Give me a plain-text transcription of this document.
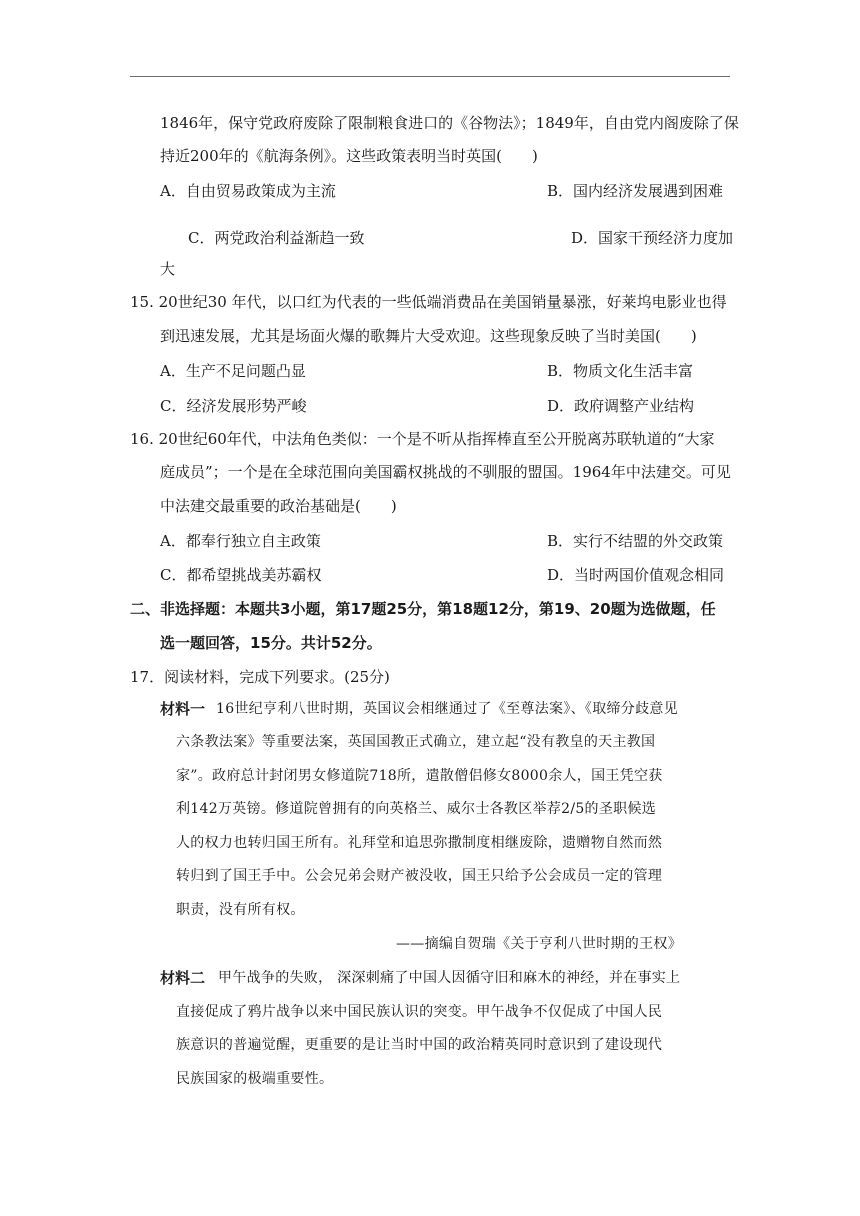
1846年，保守党政府废除了限制粮食进口的《谷物法》；1849年，自由党内阁废除了保
持近200年的《航海条例》。这些政策表明当时英国(　　)
A．自由贸易政策成为主流	B．国内经济发展遇到困难
C．两党政治利益渐趋一致	D．国家干预经济力度加
大
15. 20世纪30 年代，以口红为代表的一些低端消费品在美国销量暴涨，好莱坞电影业也得
到迅速发展，尤其是场面火爆的歌舞片大受欢迎。这些现象反映了当时美国(　　)
A．生产不足问题凸显	B．物质文化生活丰富
C．经济发展形势严峻	D．政府调整产业结构
16. 20世纪60年代，中法角色类似：一个是不听从指挥棒直至公开脱离苏联轨道的“大家
庭成员”；一个是在全球范围向美国霸权挑战的不驯服的盟国。1964年中法建交。可见
中法建交最重要的政治基础是(　　)
A．都奉行独立自主政策	B．实行不结盟的外交政策
C．都希望挑战美苏霸权	D．当时两国价值观念相同
二、非选择题：本题共3小题，第17题25分，第18题12分，第19、20题为选做题，任
选一题回答，15分。共计52分。
17．阅读材料，完成下列要求。(25分)
材料一 16世纪亨利八世时期，英国议会相继通过了《至尊法案》、《取缔分歧意见
六条教法案》等重要法案，英国国教正式确立，建立起“没有教皇的天主教国
家”。政府总计封闭男女修道院718所，遣散僧侣修女8000余人，国王凭空获
利142万英镑。修道院曾拥有的向英格兰、威尔士各教区举荐2/5的圣职候选
人的权力也转归国王所有。礼拜堂和追思弥撒制度相继废除，遗赠物自然而然
转归到了国王手中。公会兄弟会财产被没收，国王只给予公会成员一定的管理
职责，没有所有权。
——摘编自贺瑞《关于亨利八世时期的王权》
材料二 甲午战争的失败， 深深刺痛了中国人因循守旧和麻木的神经，并在事实上
直接促成了鸦片战争以来中国民族认识的突变。甲午战争不仅促成了中国人民
族意识的普遍觉醒，更重要的是让当时中国的政治精英同时意识到了建设现代
民族国家的极端重要性。
